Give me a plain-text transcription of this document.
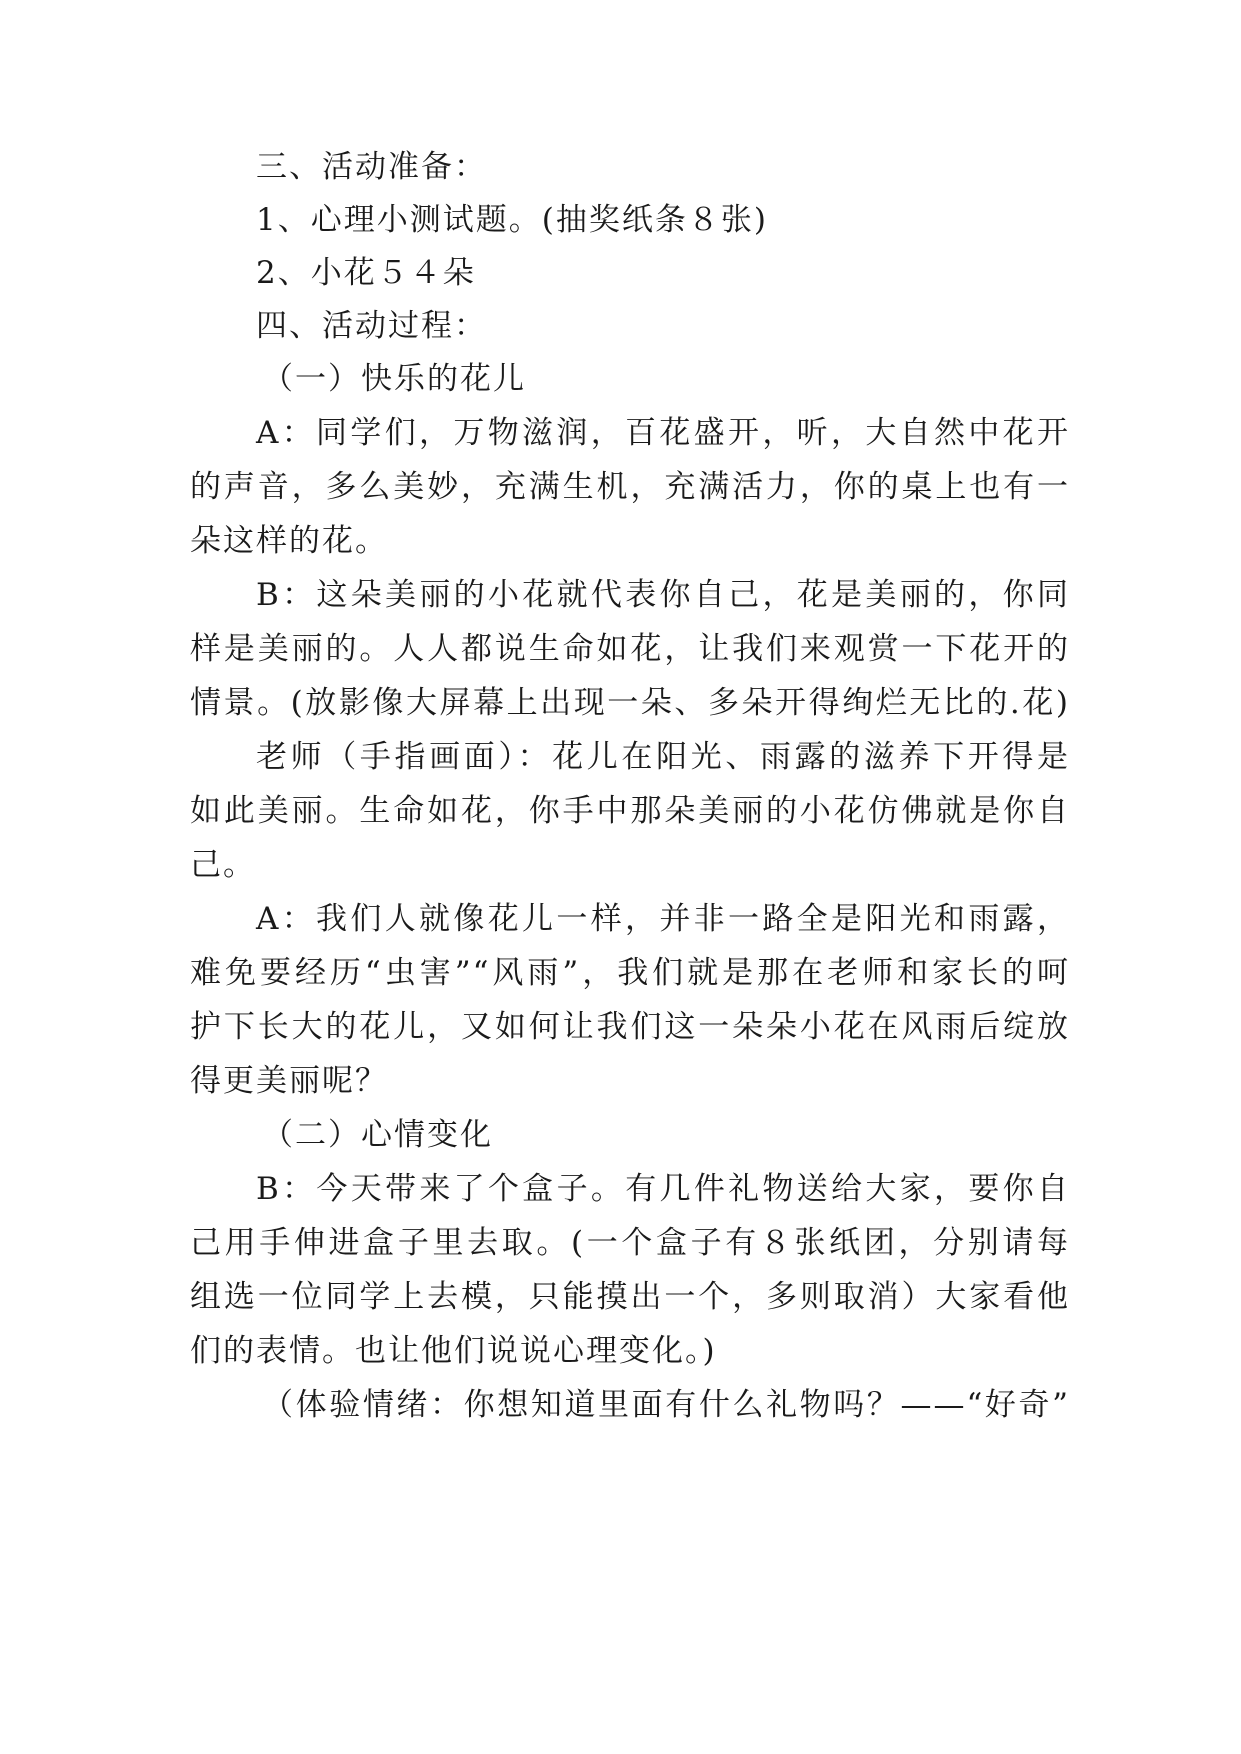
三、活动准备：
1、心理小测试题。(抽奖纸条８张)
2、小花５４朵
四、活动过程：
（一）快乐的花儿
A：同学们，万物滋润，百花盛开，听，大自然中花开
的声音，多么美妙，充满生机，充满活力，你的桌上也有一
朵这样的花。
B：这朵美丽的小花就代表你自己，花是美丽的，你同
样是美丽的。人人都说生命如花，让我们来观赏一下花开的
情景。(放影像大屏幕上出现一朵、多朵开得绚烂无比的.花)
老师（手指画面）：花儿在阳光、雨露的滋养下开得是
如此美丽。生命如花，你手中那朵美丽的小花仿佛就是你自
己。
A：我们人就像花儿一样，并非一路全是阳光和雨露，
难免要经历“虫害”“风雨”，我们就是那在老师和家长的呵
护下长大的花儿，又如何让我们这一朵朵小花在风雨后绽放
得更美丽呢？
（二）心情变化
B：今天带来了个盒子。有几件礼物送给大家，要你自
己用手伸进盒子里去取。(一个盒子有８张纸团，分别请每
组选一位同学上去模，只能摸出一个，多则取消）大家看他
们的表情。也让他们说说心理变化。)
（体验情绪：你想知道里面有什么礼物吗？——“好奇”
